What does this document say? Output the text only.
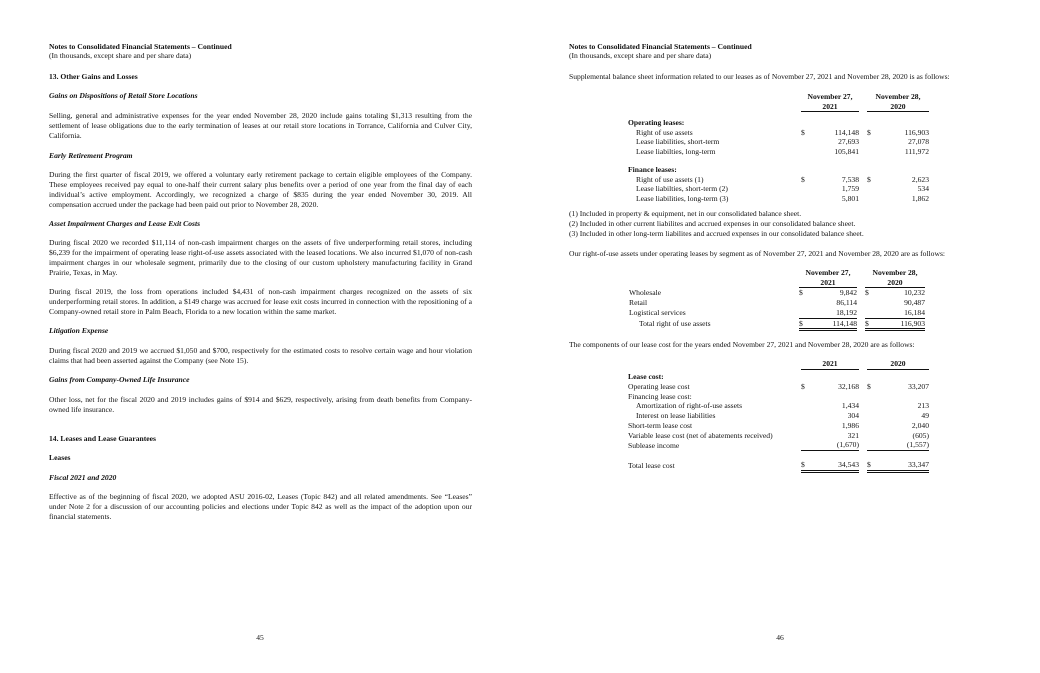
Notes to Consolidated Financial Statements – Continued
(In thousands, except share and per share data)
13. Other Gains and Losses
Gains on Dispositions of Retail Store Locations
Selling, general and administrative expenses for the year ended November 28, 2020 include gains totaling $1,313 resulting from the settlement of lease obligations due to the early termination of leases at our retail store locations in Torrance, California and Culver City, California.
Early Retirement Program
During the first quarter of fiscal 2019, we offered a voluntary early retirement package to certain eligible employees of the Company. These employees received pay equal to one-half their current salary plus benefits over a period of one year from the final day of each individual’s active employment. Accordingly, we recognized a charge of $835 during the year ended November 30, 2019. All compensation accrued under the package had been paid out prior to November 28, 2020.
Asset Impairment Charges and Lease Exit Costs
During fiscal 2020 we recorded $11,114 of non-cash impairment charges on the assets of five underperforming retail stores, including $6,239 for the impairment of operating lease right-of-use assets associated with the leased locations. We also incurred $1,070 of non-cash impairment charges in our wholesale segment, primarily due to the closing of our custom upholstery manufacturing facility in Grand Prairie, Texas, in May.
During fiscal 2019, the loss from operations included $4,431 of non-cash impairment charges recognized on the assets of six underperforming retail stores. In addition, a $149 charge was accrued for lease exit costs incurred in connection with the repositioning of a Company-owned retail store in Palm Beach, Florida to a new location within the same market.
Litigation Expense
During fiscal 2020 and 2019 we accrued $1,050 and $700, respectively for the estimated costs to resolve certain wage and hour violation claims that had been asserted against the Company (see Note 15).
Gains from Company-Owned Life Insurance
Other loss, net for the fiscal 2020 and 2019 includes gains of $914 and $629, respectively, arising from death benefits from Company-owned life insurance.
14. Leases and Lease Guarantees
Leases
Fiscal 2021 and 2020
Effective as of the beginning of fiscal 2020, we adopted ASU 2016-02, Leases (Topic 842) and all related amendments. See “Leases” under Note 2 for a discussion of our accounting policies and elections under Topic 842 as well as the impact of the adoption upon our financial statements.
45
Notes to Consolidated Financial Statements – Continued
(In thousands, except share and per share data)
Supplemental balance sheet information related to our leases as of November 27, 2021 and November 28, 2020 is as follows:
	November 27,			November 28,	
	2021			2020	

Operating leases:					
Right of use assets	$	114,148		$	116,903
Lease liabilities, short-term		27,693			27,078
Lease liabilties, long-term		105,841			111,972

Finance leases:					
Right of use assets (1)	$	7,538		$	2,623
Lease liabilties, short-term (2)		1,759			534
Lease liabilities, long-term (3)		5,801			1,862
(1) Included in property & equipment, net in our consolidated balance sheet.
(2) Included in other current liabilites and accrued expenses in our consolidated balance sheet.
(3) Included in other long-term liabilites and accrued expenses in our consolidated balance sheet.
Our right-of-use assets under operating leases by segment as of November 27, 2021 and November 28, 2020 are as follows:
	November 27,			November 28,	
	2021			2020	
Wholesale	$	9,842		$	10,232
Retail		86,114			90,487
Logistical services		18,192			16,184
Total right of use assets	$	114,148		$	116,903
The components of our lease cost for the years ended November 27, 2021 and November 28, 2020 are as follows:
	2021			2020	

Lease cost:					
Operating lease cost	$	32,168		$	33,207
Financing lease cost:					
Amortization of right-of-use assets		1,434			213
Interest on lease liabilities		304			49
Short-term lease cost		1,986			2,040
Variable lease cost (net of abatements received)		321			(605)
Sublease income		(1,670)			(1,557)

Total lease cost	$	34,543		$	33,347
46
